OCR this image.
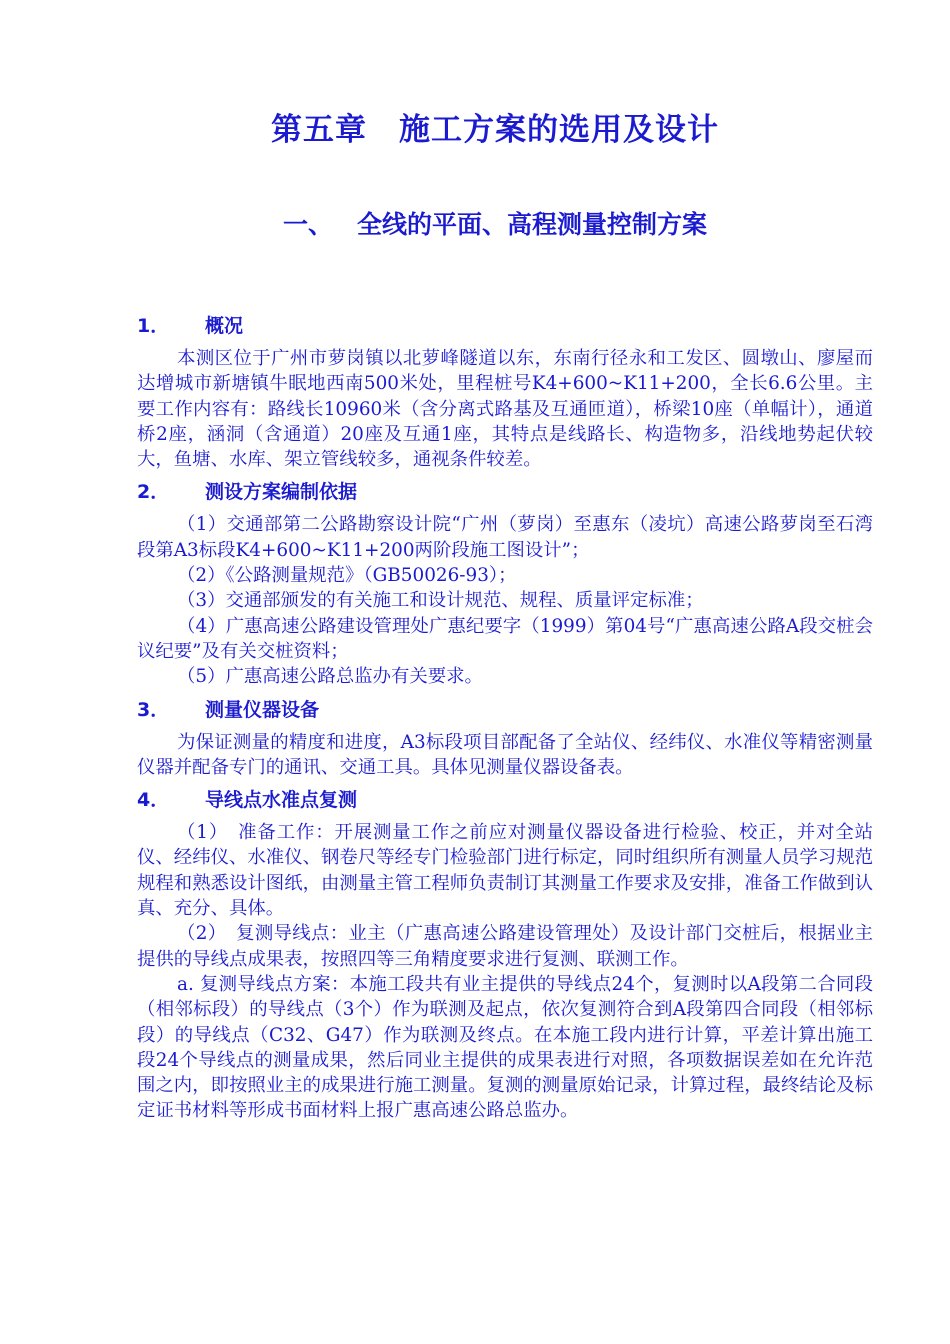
第五章　施工方案的选用及设计
一、 全线的平面、高程测量控制方案
1． 概况

本测区位于广州市萝岗镇以北萝峰隧道以东，东南行径永和工发区、圆墩山、廖屋而达增城市新塘镇牛眠地西南500米处，里程桩号K4+600~K11+200，全长6.6公里。主要工作内容有：路线长10960米（含分离式路基及互通匝道），桥梁10座（单幅计），通道桥2座，涵洞（含通道）20座及互通1座，其特点是线路长、构造物多，沿线地势起伏较大，鱼塘、水库、架立管线较多，通视条件较差。

2． 测设方案编制依据

（1）交通部第二公路勘察设计院“广州（萝岗）至惠东（凌坑）高速公路萝岗至石湾段第A3标段K4+600~K11+200两阶段施工图设计”；

（2）《公路测量规范》（GB50026-93）；

（3）交通部颁发的有关施工和设计规范、规程、质量评定标准；

（4）广惠高速公路建设管理处广惠纪要字（1999）第04号“广惠高速公路A段交桩会议纪要”及有关交桩资料；

（5）广惠高速公路总监办有关要求。

3． 测量仪器设备

为保证测量的精度和进度，A3标段项目部配备了全站仪、经纬仪、水准仪等精密测量仪器并配备专门的通讯、交通工具。具体见测量仪器设备表。

4． 导线点水准点复测

（1）　准备工作：开展测量工作之前应对测量仪器设备进行检验、校正，并对全站仪、经纬仪、水准仪、钢卷尺等经专门检验部门进行标定，同时组织所有测量人员学习规范规程和熟悉设计图纸，由测量主管工程师负责制订其测量工作要求及安排，准备工作做到认真、充分、具体。

（2）　复测导线点：业主（广惠高速公路建设管理处）及设计部门交桩后，根据业主提供的导线点成果表，按照四等三角精度要求进行复测、联测工作。

a. 复测导线点方案：本施工段共有业主提供的导线点24个，复测时以A段第二合同段（相邻标段）的导线点（3个）作为联测及起点，依次复测符合到A段第四合同段（相邻标段）的导线点（C32、G47）作为联测及终点。在本施工段内进行计算，平差计算出施工段24个导线点的测量成果，然后同业主提供的成果表进行对照，各项数据误差如在允许范围之内，即按照业主的成果进行施工测量。复测的测量原始记录，计算过程，最终结论及标定证书材料等形成书面材料上报广惠高速公路总监办。
